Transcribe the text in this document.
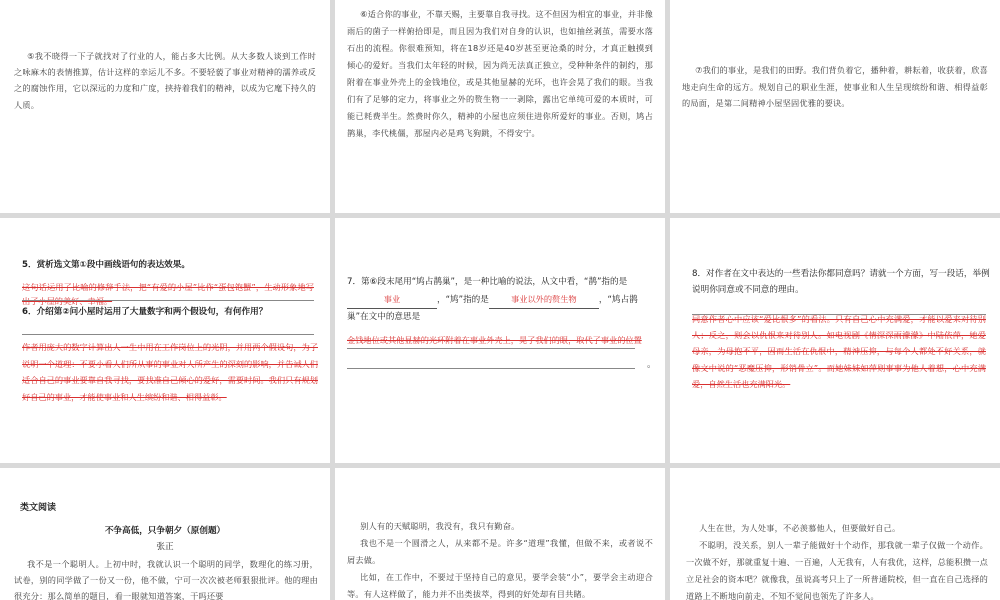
⑤我不晓得一下子就找对了行业的人，能占多大比例。从大多数人谈到工作时之咏麻木的表情推算，估计这样的幸运儿不多。不要轻藐了事业对精神的濡养或反之的腐蚀作用，它以深远的力度和广度，挟持着我们的精神，以成为它麾下持久的人质。
⑥适合你的事业，不靠天赐，主要靠自我寻找。这不但因为相宜的事业，并非像雨后的菌子一样俯拾即是，而且因为我们对自身的认识，也如抽丝剥茧，需要水落石出的流程。你很难预知，将在18岁还是40岁甚至更沧桑的时分，才真正触摸到倾心的爱好。当我们太年轻的时候，因为尚无法真正独立，受种种条件的制约，那附着在事业外壳上的金钱地位，或是其他显赫的光环，也许会晃了我们的眼。当我们有了足够的定力，将事业之外的赘生物一一剥除，露出它单纯可爱的本质时，可能已耗费半生。然费时你久，精神的小屋也应须住进你所爱好的事业。否则，鸠占鹊巢，李代桃僵，那屋内必是鸡飞狗跳，不得安宁。
⑦我们的事业，是我们的田野。我们背负着它，播种着，耕耘着，收获着，欣喜地走向生命的远方。规划自己的职业生涯，使事业和人生呈现缤纷和谐、相得益彰的局面，是第二间精神小屋坚固优雅的要诀。
5．赏析选文第①段中画线语句的表达效果。
这句话运用了比喻的修辞手法，把“有爱的小屋”比作“蛋包饱蟹”，生动形象地写出了小屋的美好、幸福。
6．介绍第②问小屋时运用了大量数字和两个假设句，有何作用？
作者用庞大的数字计算出人一生中用在工作岗位上的光阴，并用两个假设句，为了说明一个道理：不要小看人们所从事的事业对人所产生的深刻的影响，并告诫人们适合自己的事业要靠自我寻找，要找准自己倾心的爱好，需要时间。我们只有规划好自己的事业，才能使事业和人生缤纷和谐、相得益彰。
7．第⑥段末尾用“鸠占鹊巢”，是一种比喻的说法，从文中看，“鹊”指的是事业	，“鸠”指的是	事业以外的赘生物	，“鸠占鹊巢”在文中的意思是
金钱地位或其他显赫的光环附着在事业外壳上，晃了我们的眼，取代了事业的位置
。
8．对作者在文中表达的一些看法你都同意吗？请就一个方面，写一段话，举例说明你同意或不同意的理由。
同意作者心中应该“爱比恨多”的看法。只有自己心中充满爱，才能以爱来对待别人；反之，则会以仇恨来对待别人。如电视剧《情深深雨濛濛》中陆依萍，她爱母亲，为母抱不平，因而生活在仇恨中，精神压抑，与每个人都处不好关系，就像文中说的“恶魔压抑，形销骨立”。而她妹妹如萍则事事为他人着想，心中充满爱，自然生活也充满阳光。
类文阅读
不争高低，只争朝夕（原创题）
张正
我不是一个聪明人。上初中时，我就认识一个聪明的同学，数理化的练习册，试卷，别的同学做了一份又一份，他不做，宁可一次次被老师狠狠批评。他的理由很充分：那么简单的题目，看一眼就知道答案，干吗还要
别人有的天赋聪明，我没有，我只有勤奋。
我也不是一个圆滑之人，从来都不是。许多“道理”我懂，但做不来，或者说不屑去做。
比如，在工作中，不要过于坚持自己的意见，要学会装“小”，要学会主动迎合等。有人这样做了，能力并不出类拔萃，得到的好处却有目共睹。
人生在世，为人处事，不必羡慕他人，但要做好自己。
不聪明，没关系，别人一辈子能做好十个动作，那我就一辈子仅做一个动作。一次做不好，那就重复十遍、一百遍，人无我有，人有我优，这样，总能积攒一点立足社会的资本吧？就像我，虽说高考只上了一所普通院校，但一直在自己选择的道路上不断地向前走，不知不觉间也领先了许多人。
